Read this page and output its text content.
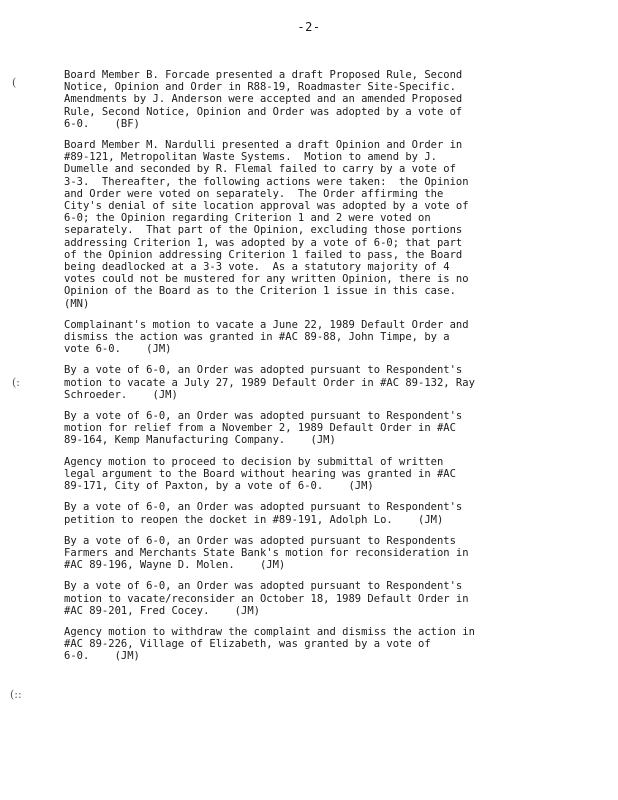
-2-
(
(:
(::
Board Member B. Forcade presented a draft Proposed Rule, Second
Notice, Opinion and Order in R88-19, Roadmaster Site-Specific.
Amendments by J. Anderson were accepted and an amended Proposed
Rule, Second Notice, Opinion and Order was adopted by a vote of
6-0.    (BF)
Board Member M. Nardulli presented a draft Opinion and Order in
#89-121, Metropolitan Waste Systems.  Motion to amend by J.
Dumelle and seconded by R. Flemal failed to carry by a vote of
3-3.  Thereafter, the following actions were taken:  the Opinion
and Order were voted on separately.  The Order affirming the
City's denial of site location approval was adopted by a vote of
6-0; the Opinion regarding Criterion 1 and 2 were voted on
separately.  That part of the Opinion, excluding those portions
addressing Criterion 1, was adopted by a vote of 6-0; that part
of the Opinion addressing Criterion 1 failed to pass, the Board
being deadlocked at a 3-3 vote.  As a statutory majority of 4
votes could not be mustered for any written Opinion, there is no
Opinion of the Board as to the Criterion 1 issue in this case.
(MN)
Complainant's motion to vacate a June 22, 1989 Default Order and
dismiss the action was granted in #AC 89-88, John Timpe, by a
vote 6-0.    (JM)
By a vote of 6-0, an Order was adopted pursuant to Respondent's
motion to vacate a July 27, 1989 Default Order in #AC 89-132, Ray
Schroeder.    (JM)
By a vote of 6-0, an Order was adopted pursuant to Respondent's
motion for relief from a November 2, 1989 Default Order in #AC
89-164, Kemp Manufacturing Company.    (JM)
Agency motion to proceed to decision by submittal of written
legal argument to the Board without hearing was granted in #AC
89-171, City of Paxton, by a vote of 6-0.    (JM)
By a vote of 6-0, an Order was adopted pursuant to Respondent's
petition to reopen the docket in #89-191, Adolph Lo.    (JM)
By a vote of 6-0, an Order was adopted pursuant to Respondents
Farmers and Merchants State Bank's motion for reconsideration in
#AC 89-196, Wayne D. Molen.    (JM)
By a vote of 6-0, an Order was adopted pursuant to Respondent's
motion to vacate/reconsider an October 18, 1989 Default Order in
#AC 89-201, Fred Cocey.    (JM)
Agency motion to withdraw the complaint and dismiss the action in
#AC 89-226, Village of Elizabeth, was granted by a vote of
6-0.    (JM)
